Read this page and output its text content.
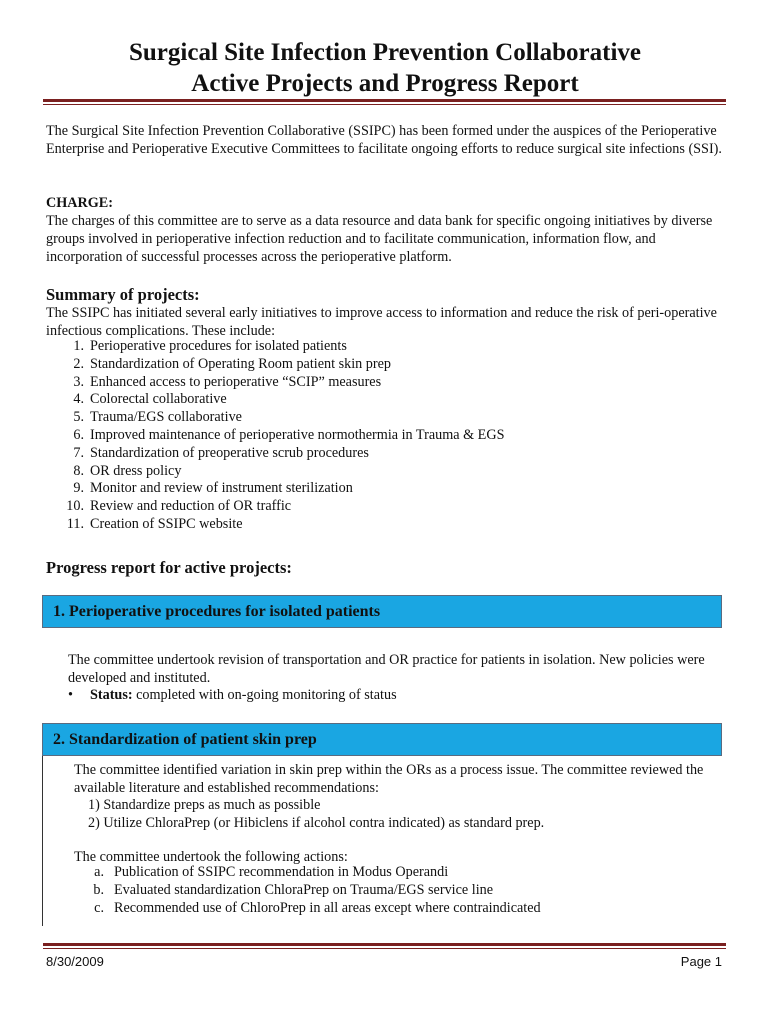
Surgical Site Infection Prevention Collaborative
Active Projects and Progress Report

The Surgical Site Infection Prevention Collaborative (SSIPC) has been formed under the auspices of the Perioperative Enterprise and Perioperative Executive Committees to facilitate ongoing efforts to reduce surgical site infections (SSI).

CHARGE:

The charges of this committee are to serve as a data resource and data bank for specific ongoing initiatives by diverse groups involved in perioperative infection reduction and to facilitate communication, information flow, and incorporation of successful processes across the perioperative platform.

Summary of projects:

The SSIPC has initiated several early initiatives to improve access to information and reduce the risk of peri-operative infectious complications. These include:

1. Perioperative procedures for isolated patients
2. Standardization of Operating Room patient skin prep
3. Enhanced access to perioperative “SCIP” measures
4. Colorectal collaborative
5. Trauma/EGS collaborative
6. Improved maintenance of perioperative normothermia in Trauma & EGS
7. Standardization of preoperative scrub procedures
8. OR dress policy
9. Monitor and review of instrument sterilization
10. Review and reduction of OR traffic
11. Creation of SSIPC website
Progress report for active projects:
1. Perioperative procedures for isolated patients

The committee undertook revision of transportation and OR practice for patients in isolation. New policies were developed and instituted.

• Status: completed with on-going monitoring of status
2. Standardization of patient skin prep

The committee identified variation in skin prep within the ORs as a process issue. The committee reviewed the available literature and established recommendations:

1) Standardize preps as much as possible
2) Utilize ChloraPrep (or Hibiclens if alcohol contra indicated) as standard prep.

The committee undertook the following actions:

a. Publication of SSIPC recommendation in Modus Operandi
b. Evaluated standardization ChloraPrep on Trauma/EGS service line
c. Recommended use of ChloroPrep in all areas except where contraindicated
8/30/2009	Page 1
